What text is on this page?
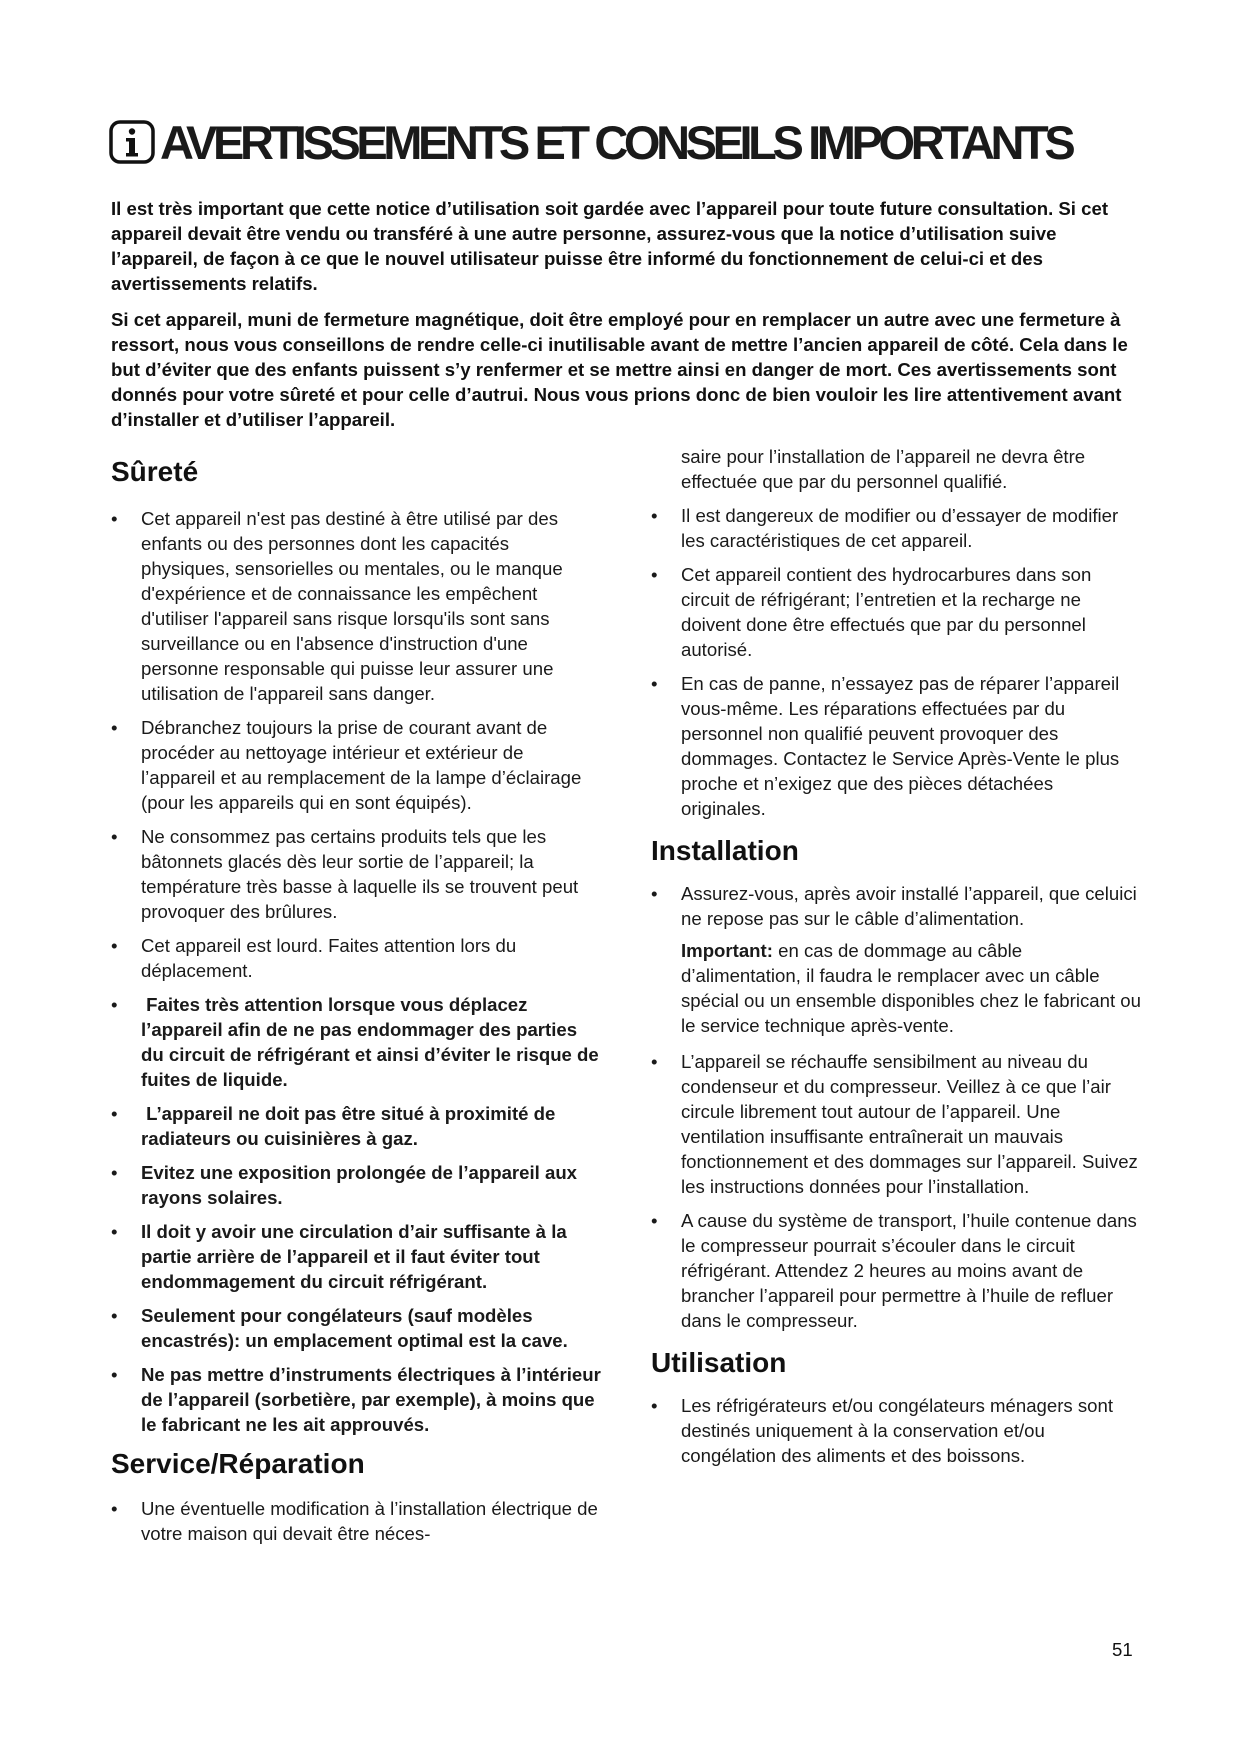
AVERTISSEMENTS ET CONSEILS IMPORTANTS

Il est très important que cette notice d’utilisation soit gardée avec l’appareil pour toute future consultation. Si cet appareil devait être vendu ou transféré à une autre personne, assurez-vous que la notice d’utilisation suive l’appareil, de façon à ce que le nouvel utilisateur puisse être informé du fonctionnement de celui-ci et des avertissements relatifs.

Si cet appareil, muni de fermeture magnétique, doit être employé pour en remplacer un autre avec une fermeture à ressort, nous vous conseillons de rendre celle-ci inutilisable avant de mettre l’ancien appareil de côté. Cela dans le but d’éviter que des enfants puissent s’y renfermer et se mettre ainsi en danger de mort. Ces avertissements sont donnés pour votre sûreté et pour celle d’autrui. Nous vous prions donc de bien vouloir les lire attentivement avant d’installer et d’utiliser l’appareil.

Sûreté
•	Cet appareil n'est pas destiné à être utilisé par des enfants ou des personnes dont les capacités physiques, sensorielles ou mentales, ou le manque d'expérience et de connaissance les empêchent d'utiliser l'appareil sans risque lorsqu'ils sont sans surveillance ou en l'absence d'instruction d'une personne responsable qui puisse leur assurer une utilisation de l'appareil sans danger.
•	Débranchez toujours la prise de courant avant de procéder au nettoyage intérieur et extérieur de l’appareil et au remplacement de la lampe d’éclairage (pour les appareils qui en sont équipés).
•	Ne consommez pas certains produits tels que les bâtonnets glacés dès leur sortie de l’appareil; la température très basse à laquelle ils se trouvent peut provoquer des brûlures.
•	Cet appareil est lourd. Faites attention lors du déplacement.
•	Faites très attention lorsque vous déplacez l’appareil afin de ne pas endommager des parties du circuit de réfrigérant et ainsi d’éviter le risque de fuites de liquide.
•	L’appareil ne doit pas être situé à proximité de radiateurs ou cuisinières à gaz.
•	Evitez une exposition prolongée de l’appareil aux rayons solaires.
•	Il doit y avoir une circulation d’air suffisante à la partie arrière de l’appareil et il faut éviter tout endommagement du circuit réfrigérant.
•	Seulement pour congélateurs (sauf modèles encastrés): un emplacement optimal est la cave.
•	Ne pas mettre d’instruments électriques à l’intérieur de l’appareil (sorbetière, par exemple), à moins que le fabricant ne les ait approuvés.
Service/Réparation
•	Une éventuelle modification à l’installation électrique de votre maison qui devait être néces-
saire pour l’installation de l’appareil ne devra être effectuée que par du personnel qualifié.
•	Il est dangereux de modifier ou d’essayer de modifier les caractéristiques de cet appareil.
•	Cet appareil contient des hydrocarbures dans son circuit de réfrigérant; l’entretien et la recharge ne doivent done être effectués que par du personnel autorisé.
•	En cas de panne, n’essayez pas de réparer l’appareil vous-même. Les réparations effectuées par du personnel non qualifié peuvent provoquer des dommages. Contactez le Service Après-Vente le plus proche et n’exigez que des pièces détachées originales.
Installation
•	Assurez-vous, après avoir installé l’appareil, que celuici ne repose pas sur le câble d’alimentation.
Important: en cas de dommage au câble d’alimentation, il faudra le remplacer avec un câble spécial ou un ensemble disponibles chez le fabricant ou le service technique après-vente.
•	L’appareil se réchauffe sensibilment au niveau du condenseur et du compresseur. Veillez à ce que l’air circule librement tout autour de l’appareil. Une ventilation insuffisante entraînerait un mauvais fonctionnement et des dommages sur l’appareil. Suivez les instructions données pour l’installation.
•	A cause du système de transport, l’huile contenue dans le compresseur pourrait s’écouler dans le circuit réfrigérant. Attendez 2 heures au moins avant de brancher l’appareil pour permettre à l’huile de refluer dans le compresseur.
Utilisation
•	Les réfrigérateurs et/ou congélateurs ménagers sont destinés uniquement à la conservation et/ou congélation des aliments et des boissons.
51
